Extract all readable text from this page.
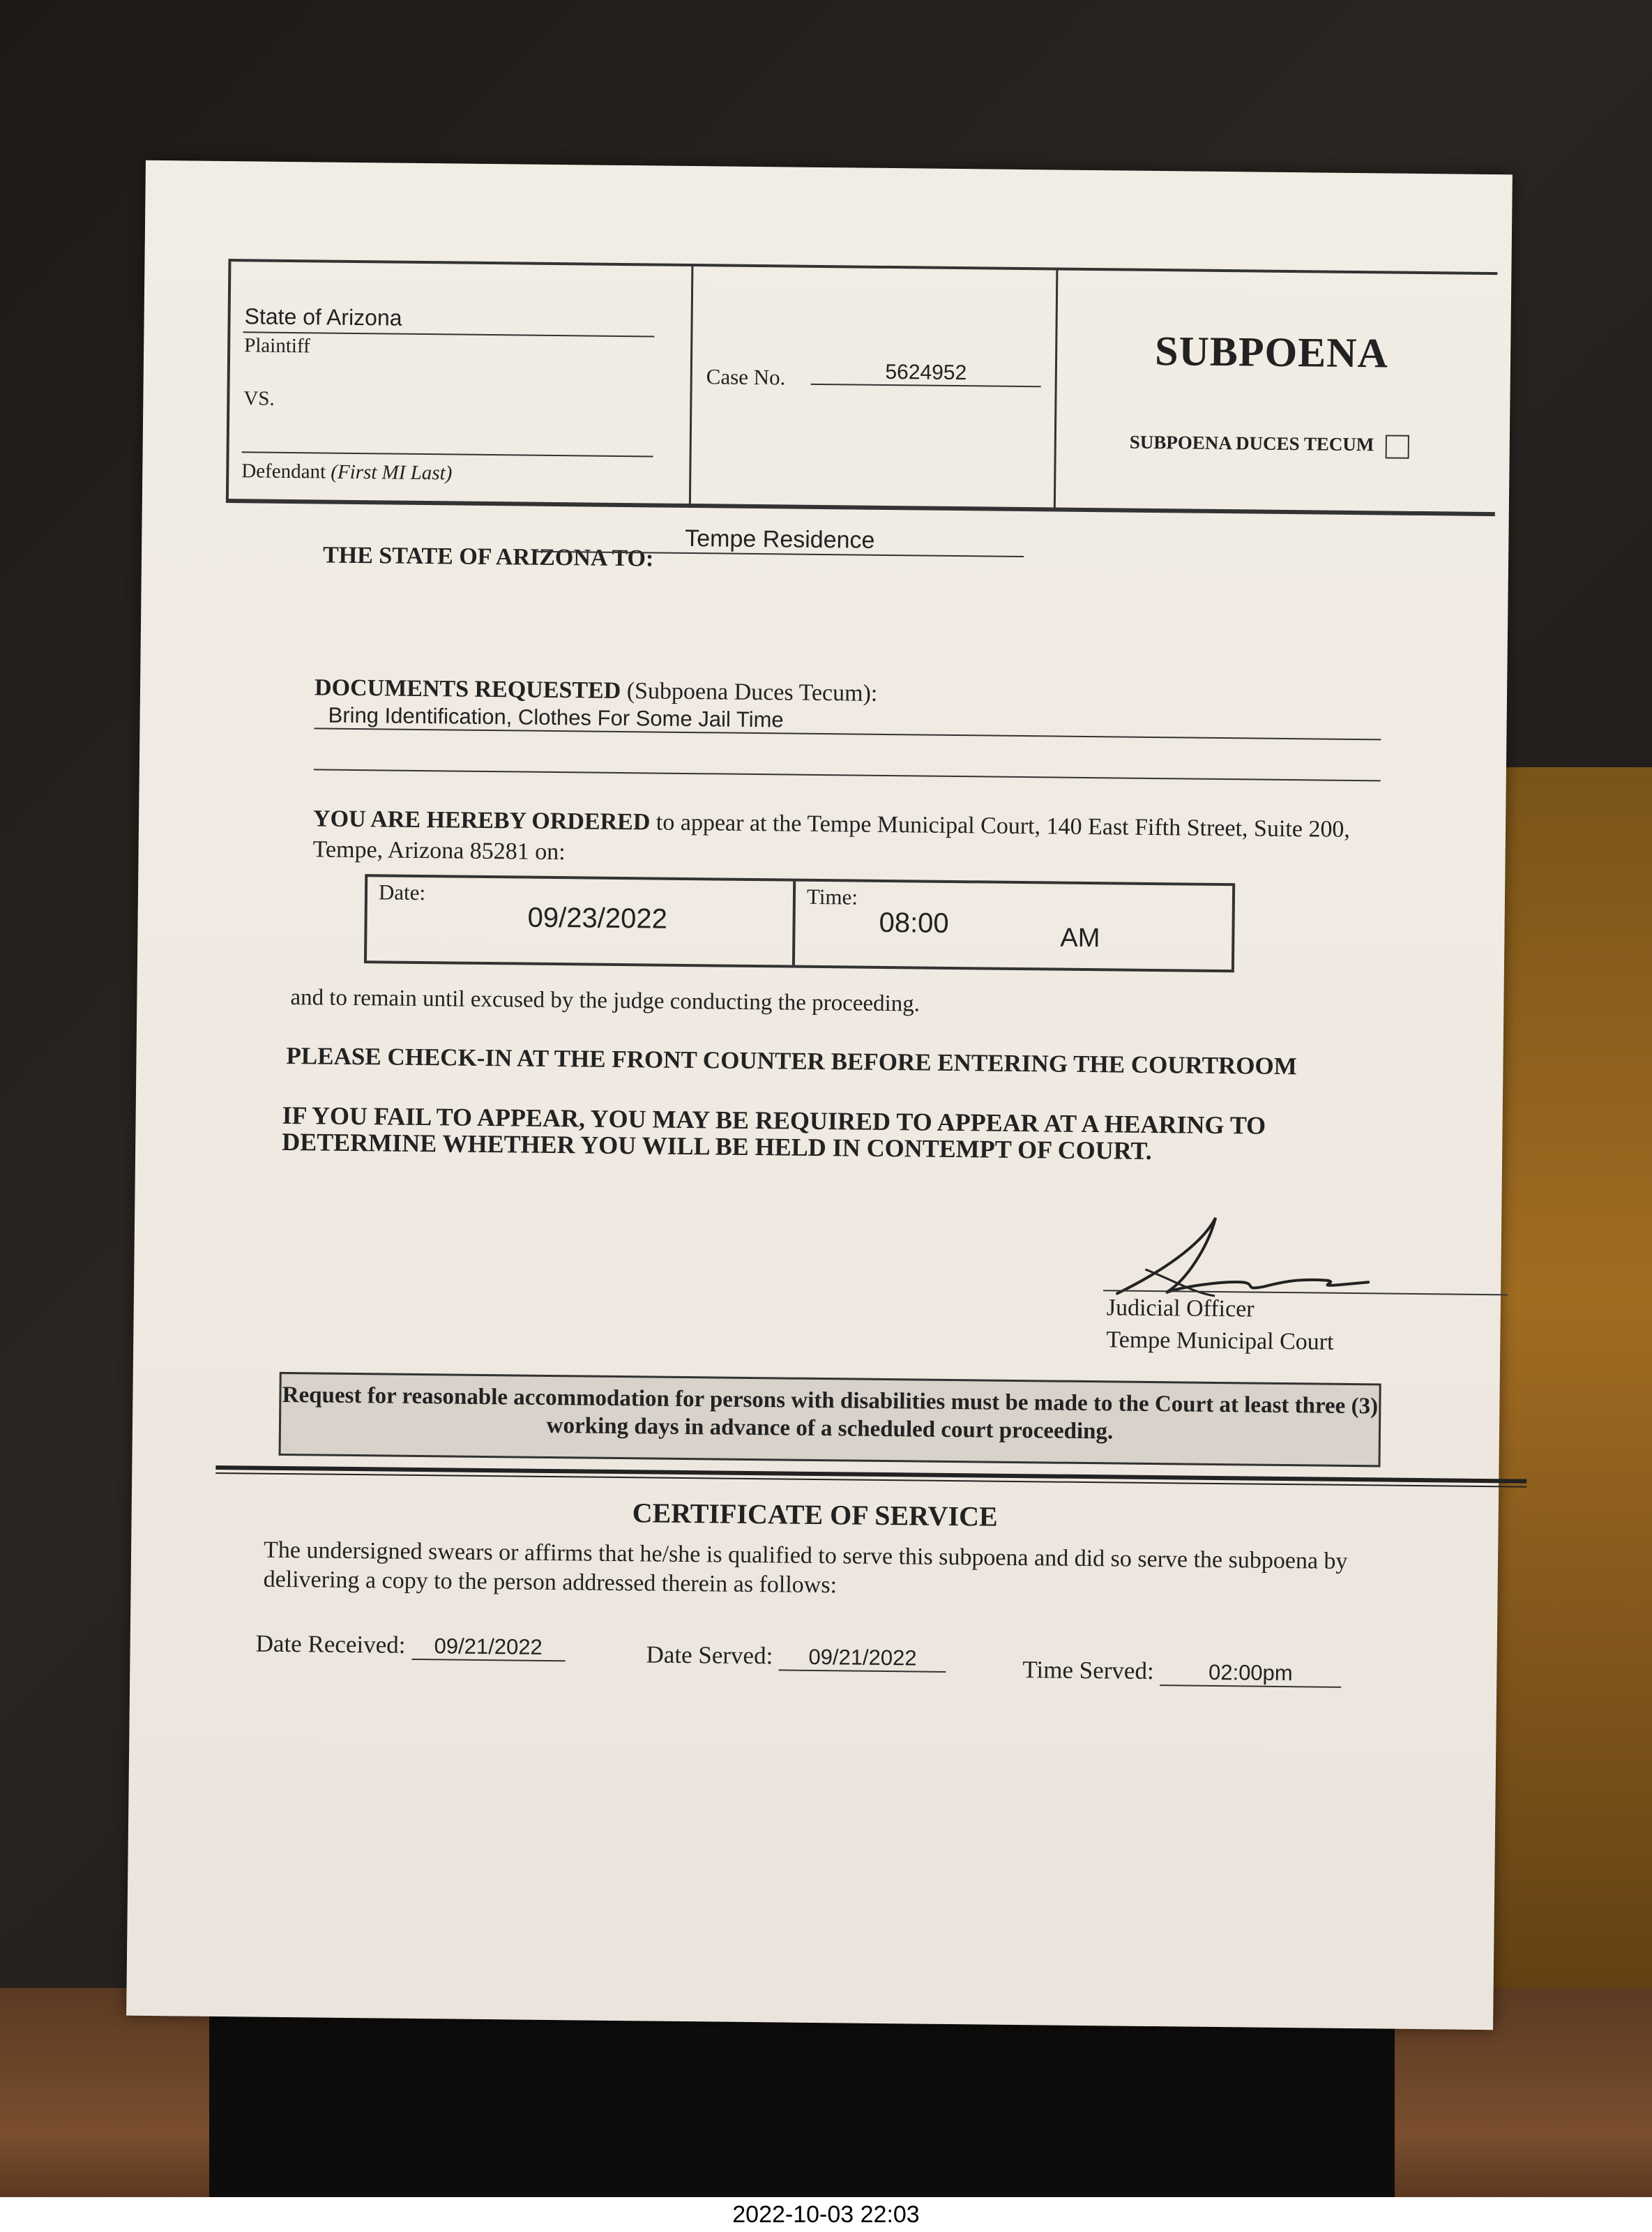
State of Arizona
Plaintiff
VS.
Defendant (First MI Last)
Case No.	5624952	SUBPOENA
SUBPOENA DUCES TECUM
THE STATE OF ARIZONA TO:
Tempe Residence
DOCUMENTS REQUESTED (Subpoena Duces Tecum):
Bring Identification, Clothes For Some Jail Time
YOU ARE HEREBY ORDERED to appear at the Tempe Municipal Court, 140 East Fifth Street, Suite 200, Tempe, Arizona 85281 on:
Date:
09/23/2022
Time:
08:00	AM
and to remain until excused by the judge conducting the proceeding.
PLEASE CHECK-IN AT THE FRONT COUNTER BEFORE ENTERING THE COURTROOM
IF YOU FAIL TO APPEAR, YOU MAY BE REQUIRED TO APPEAR AT A HEARING TO DETERMINE WHETHER YOU WILL BE HELD IN CONTEMPT OF COURT.
Judicial Officer
Tempe Municipal Court
Request for reasonable accommodation for persons with disabilities must be made to the Court at least three (3) working days in advance of a scheduled court proceeding.
CERTIFICATE OF SERVICE
The undersigned swears or affirms that he/she is qualified to serve this subpoena and did so serve the subpoena by delivering a copy to the person addressed therein as follows:
Date Received: 09/21/2022	Date Served: 09/21/2022	Time Served:	02:00pm
2022-10-03 22:03
